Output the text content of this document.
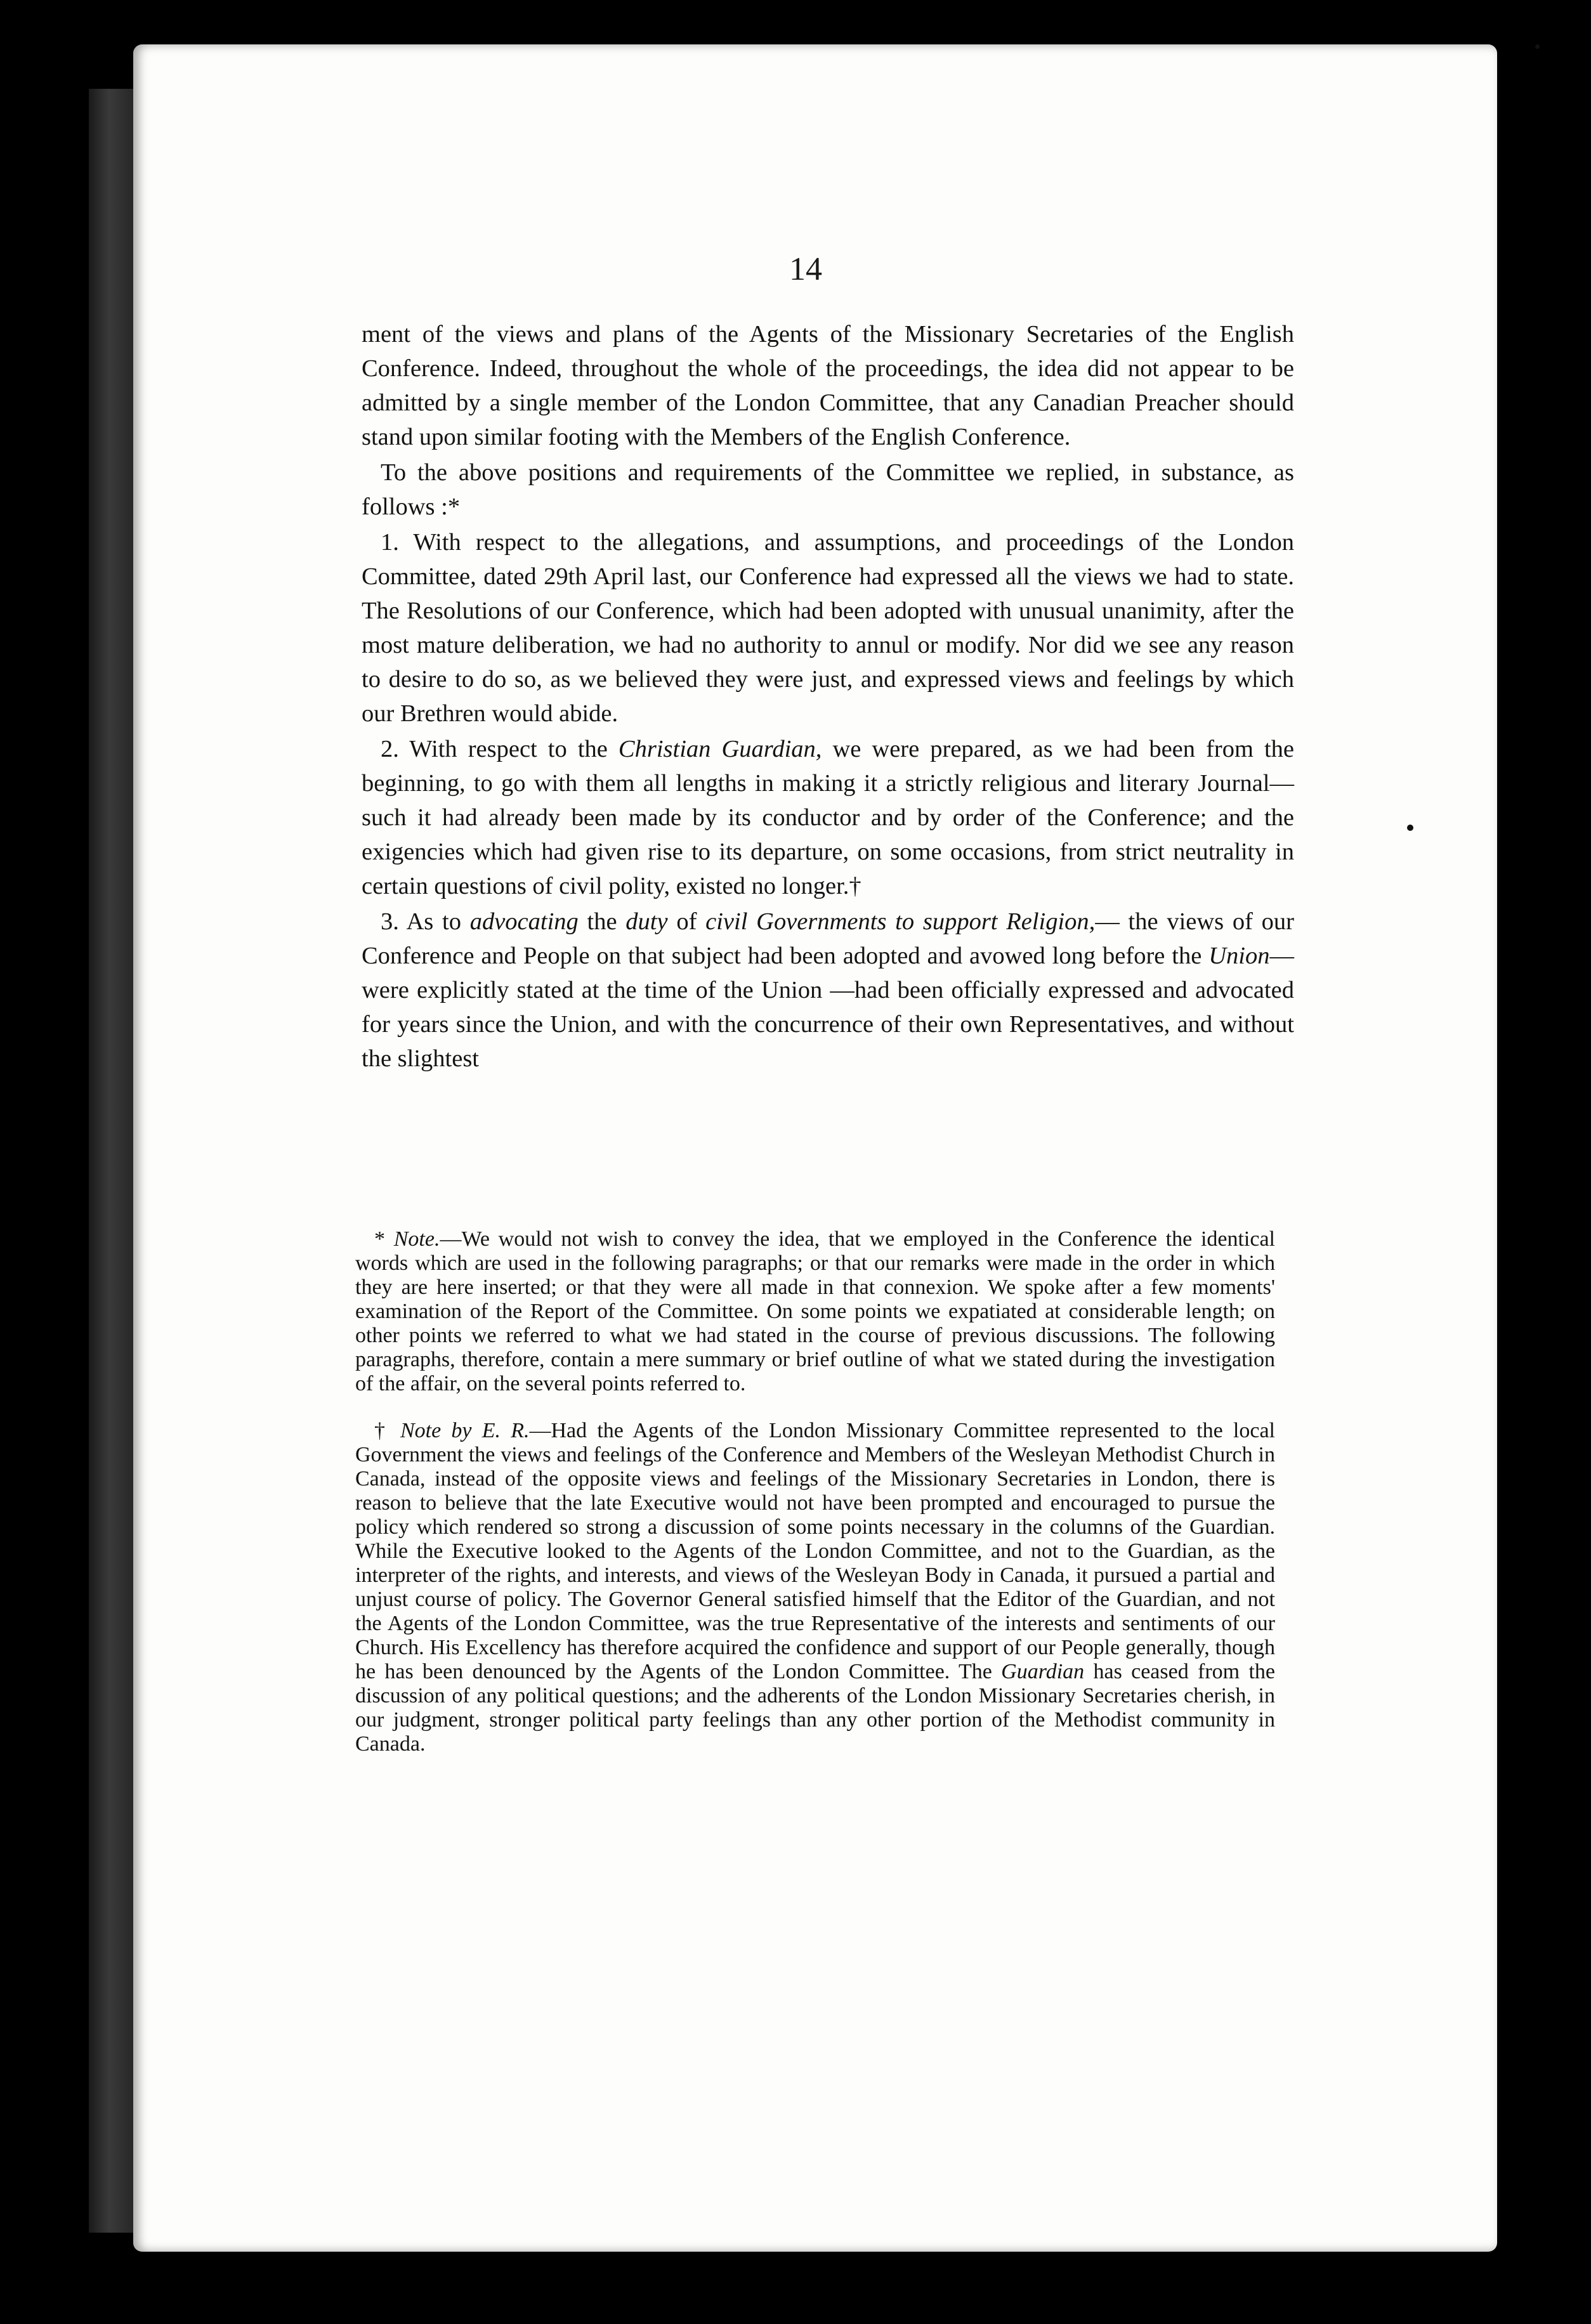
14

ment of the views and plans of the Agents of the Missionary Secretaries of the English Conference. Indeed, throughout the whole of the proceedings, the idea did not appear to be admitted by a single member of the London Committee, that any Canadian Preacher should stand upon similar footing with the Members of the English Conference.

To the above positions and requirements of the Committee we replied, in substance, as follows :*

1. With respect to the allegations, and assumptions, and proceedings of the London Committee, dated 29th April last, our Conference had expressed all the views we had to state. The Resolutions of our Conference, which had been adopted with unusual unanimity, after the most mature deliberation, we had no authority to annul or modify. Nor did we see any reason to desire to do so, as we believed they were just, and expressed views and feelings by which our Brethren would abide.

2. With respect to the Christian Guardian, we were prepared, as we had been from the beginning, to go with them all lengths in making it a strictly religious and literary Journal—such it had already been made by its conductor and by order of the Conference; and the exigencies which had given rise to its departure, on some occasions, from strict neutrality in certain questions of civil polity, existed no longer.†

3. As to advocating the duty of civil Governments to support Religion,— the views of our Conference and People on that subject had been adopted and avowed long before the Union—were explicitly stated at the time of the Union —had been officially expressed and advocated for years since the Union, and with the concurrence of their own Representatives, and without the slightest

* Note.—We would not wish to convey the idea, that we employed in the Conference the identical words which are used in the following paragraphs; or that our remarks were made in the order in which they are here inserted; or that they were all made in that connexion. We spoke after a few moments' examination of the Report of the Committee. On some points we expatiated at considerable length; on other points we referred to what we had stated in the course of previous discussions. The following paragraphs, therefore, contain a mere summary or brief outline of what we stated during the investigation of the affair, on the several points referred to.

† Note by E. R.—Had the Agents of the London Missionary Committee represented to the local Government the views and feelings of the Conference and Members of the Wesleyan Methodist Church in Canada, instead of the opposite views and feelings of the Missionary Secretaries in London, there is reason to believe that the late Executive would not have been prompted and encouraged to pursue the policy which rendered so strong a discussion of some points necessary in the columns of the Guardian. While the Executive looked to the Agents of the London Committee, and not to the Guardian, as the interpreter of the rights, and interests, and views of the Wesleyan Body in Canada, it pursued a partial and unjust course of policy. The Governor General satisfied himself that the Editor of the Guardian, and not the Agents of the London Committee, was the true Representative of the interests and sentiments of our Church. His Excellency has therefore acquired the confidence and support of our People generally, though he has been denounced by the Agents of the London Committee. The Guardian has ceased from the discussion of any political questions; and the adherents of the London Missionary Secretaries cherish, in our judgment, stronger political party feelings than any other portion of the Methodist community in Canada.
